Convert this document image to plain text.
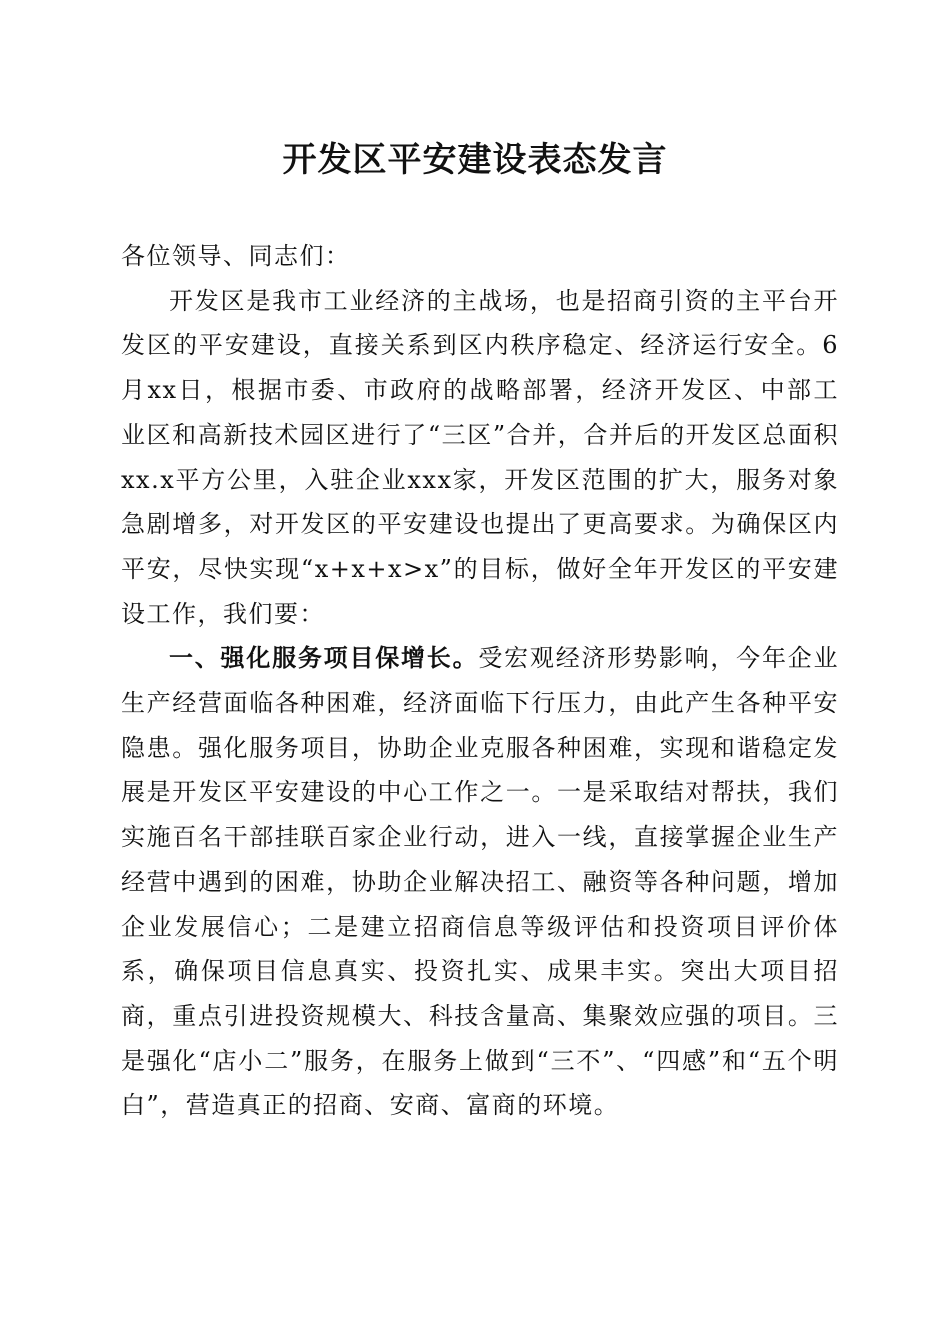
开发区平安建设表态发言

各位领导、同志们：

开发区是我市工业经济的主战场，也是招商引资的主平台开发区的平安建设，直接关系到区内秩序稳定、经济运行安全。6月xx日，根据市委、市政府的战略部署，经济开发区、中部工业区和高新技术园区进行了“三区”合并，合并后的开发区总面积xx.x平方公里，入驻企业xxx家，开发区范围的扩大，服务对象急剧增多，对开发区的平安建设也提出了更高要求。为确保区内平安，尽快实现“x+x+x>x”的目标，做好全年开发区的平安建设工作，我们要：

一、强化服务项目保增长。受宏观经济形势影响，今年企业生产经营面临各种困难，经济面临下行压力，由此产生各种平安隐患。强化服务项目，协助企业克服各种困难，实现和谐稳定发展是开发区平安建设的中心工作之一。一是采取结对帮扶，我们实施百名干部挂联百家企业行动，进入一线，直接掌握企业生产经营中遇到的困难，协助企业解决招工、融资等各种问题，增加企业发展信心；二是建立招商信息等级评估和投资项目评价体系，确保项目信息真实、投资扎实、成果丰实。突出大项目招商，重点引进投资规模大、科技含量高、集聚效应强的项目。三是强化“店小二”服务，在服务上做到“三不”、“四感”和“五个明白”，营造真正的招商、安商、富商的环境。
